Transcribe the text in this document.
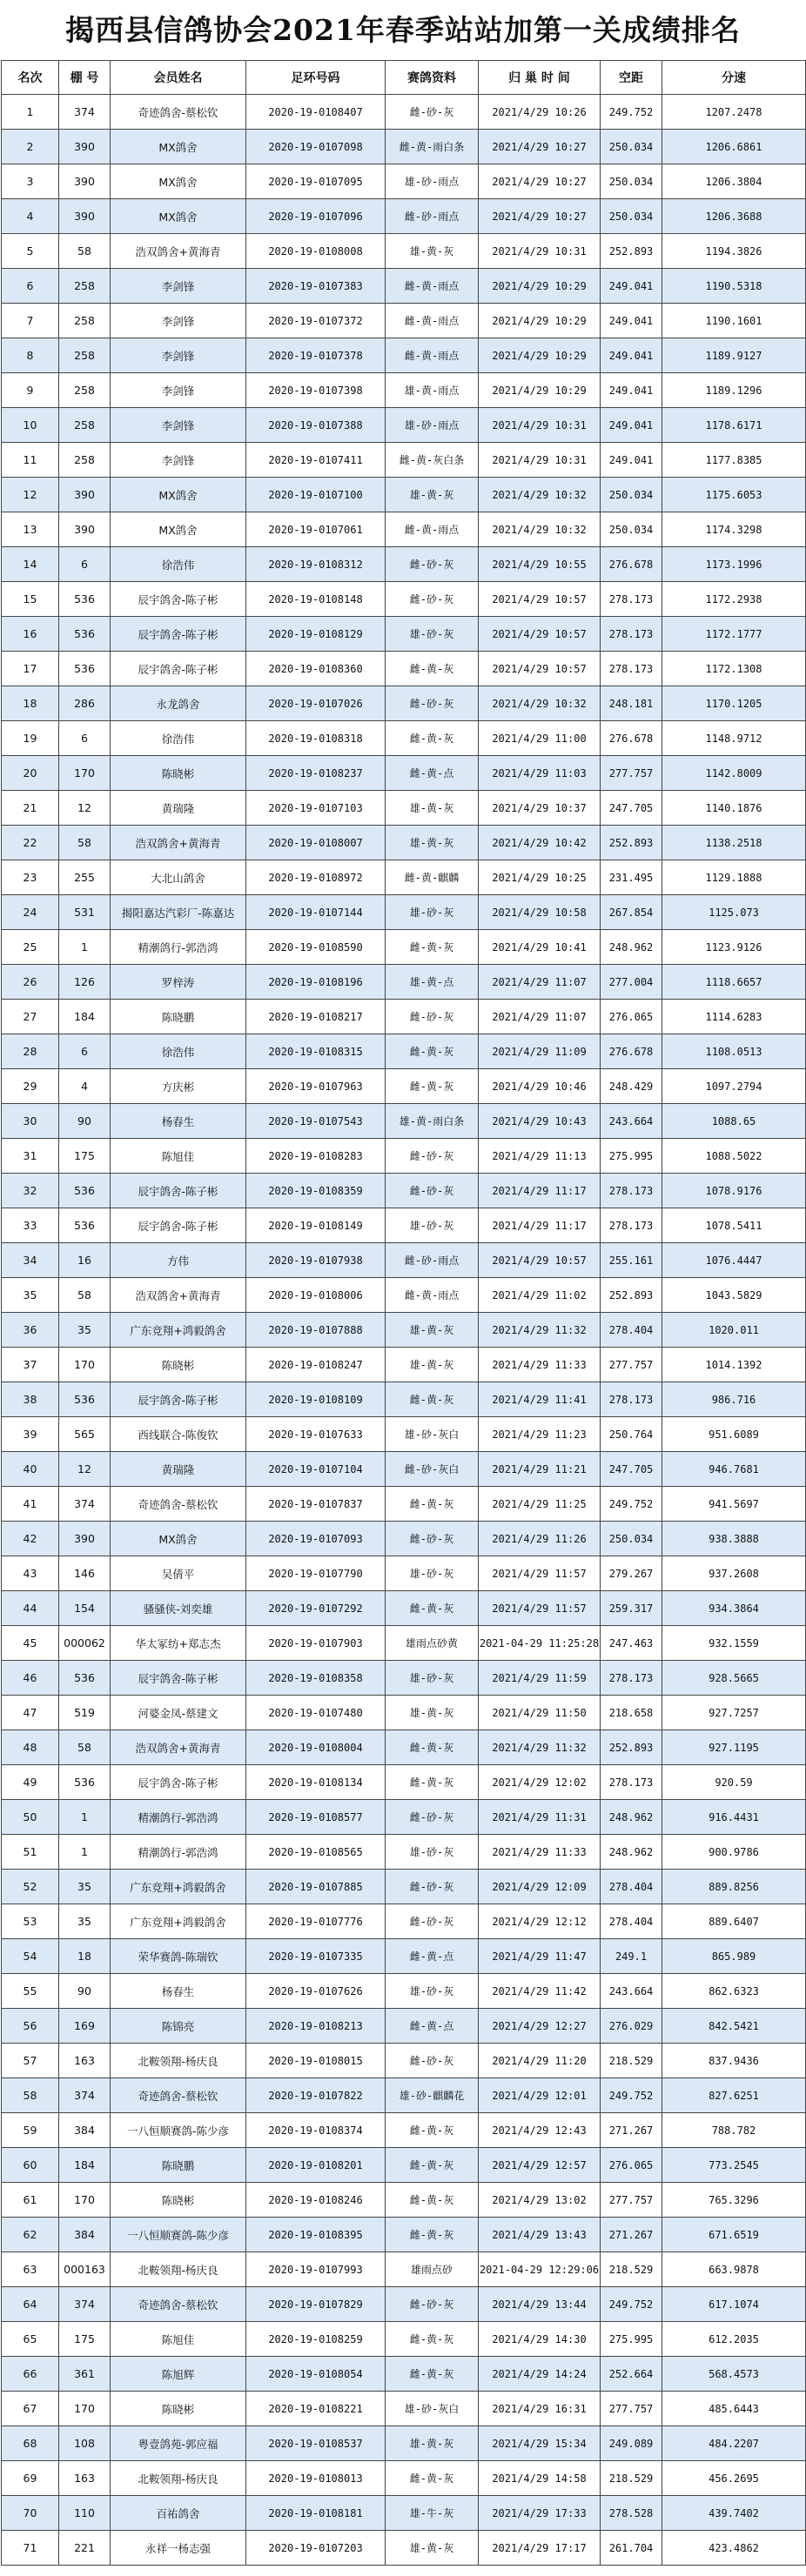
揭西县信鸽协会2021年春季站站加第一关成绩排名
名次	棚 号	会员姓名	足环号码	赛鸽资料	归 巢 时 间	空距	分速
1	374	奇迹鸽舍-蔡松钦	2020-19-0108407	雌-砂-灰	2021/4/29 10:26	249.752	1207.2478
2	390	MX鸽舍	2020-19-0107098	雌-黄-雨白条	2021/4/29 10:27	250.034	1206.6861
3	390	MX鸽舍	2020-19-0107095	雄-砂-雨点	2021/4/29 10:27	250.034	1206.3804
4	390	MX鸽舍	2020-19-0107096	雌-砂-雨点	2021/4/29 10:27	250.034	1206.3688
5	58	浩双鸽舍+黄海青	2020-19-0108008	雄-黄-灰	2021/4/29 10:31	252.893	1194.3826
6	258	李剑锋	2020-19-0107383	雌-黄-雨点	2021/4/29 10:29	249.041	1190.5318
7	258	李剑锋	2020-19-0107372	雌-黄-雨点	2021/4/29 10:29	249.041	1190.1601
8	258	李剑锋	2020-19-0107378	雌-黄-雨点	2021/4/29 10:29	249.041	1189.9127
9	258	李剑锋	2020-19-0107398	雄-黄-雨点	2021/4/29 10:29	249.041	1189.1296
10	258	李剑锋	2020-19-0107388	雄-砂-雨点	2021/4/29 10:31	249.041	1178.6171
11	258	李剑锋	2020-19-0107411	雌-黄-灰白条	2021/4/29 10:31	249.041	1177.8385
12	390	MX鸽舍	2020-19-0107100	雄-黄-灰	2021/4/29 10:32	250.034	1175.6053
13	390	MX鸽舍	2020-19-0107061	雌-黄-雨点	2021/4/29 10:32	250.034	1174.3298
14	6	徐浩伟	2020-19-0108312	雌-砂-灰	2021/4/29 10:55	276.678	1173.1996
15	536	辰宇鸽舍-陈子彬	2020-19-0108148	雌-砂-灰	2021/4/29 10:57	278.173	1172.2938
16	536	辰宇鸽舍-陈子彬	2020-19-0108129	雄-砂-灰	2021/4/29 10:57	278.173	1172.1777
17	536	辰宇鸽舍-陈子彬	2020-19-0108360	雌-黄-灰	2021/4/29 10:57	278.173	1172.1308
18	286	永龙鸽舍	2020-19-0107026	雌-砂-灰	2021/4/29 10:32	248.181	1170.1205
19	6	徐浩伟	2020-19-0108318	雌-黄-灰	2021/4/29 11:00	276.678	1148.9712
20	170	陈晓彬	2020-19-0108237	雌-黄-点	2021/4/29 11:03	277.757	1142.8009
21	12	黄瑞隆	2020-19-0107103	雄-黄-灰	2021/4/29 10:37	247.705	1140.1876
22	58	浩双鸽舍+黄海青	2020-19-0108007	雄-黄-灰	2021/4/29 10:42	252.893	1138.2518
23	255	大北山鸽舍	2020-19-0108972	雌-黄-麒麟	2021/4/29 10:25	231.495	1129.1888
24	531	揭阳嘉达汽彩厂-陈嘉达	2020-19-0107144	雄-砂-灰	2021/4/29 10:58	267.854	1125.073
25	1	精潮鸽行-郭浩鸿	2020-19-0108590	雌-黄-灰	2021/4/29 10:41	248.962	1123.9126
26	126	罗梓涛	2020-19-0108196	雄-黄-点	2021/4/29 11:07	277.004	1118.6657
27	184	陈晓鹏	2020-19-0108217	雌-砂-灰	2021/4/29 11:07	276.065	1114.6283
28	6	徐浩伟	2020-19-0108315	雌-黄-灰	2021/4/29 11:09	276.678	1108.0513
29	4	方庆彬	2020-19-0107963	雌-黄-灰	2021/4/29 10:46	248.429	1097.2794
30	90	杨春生	2020-19-0107543	雄-黄-雨白条	2021/4/29 10:43	243.664	1088.65
31	175	陈旭佳	2020-19-0108283	雌-砂-灰	2021/4/29 11:13	275.995	1088.5022
32	536	辰宇鸽舍-陈子彬	2020-19-0108359	雌-砂-灰	2021/4/29 11:17	278.173	1078.9176
33	536	辰宇鸽舍-陈子彬	2020-19-0108149	雄-砂-灰	2021/4/29 11:17	278.173	1078.5411
34	16	方伟	2020-19-0107938	雌-砂-雨点	2021/4/29 10:57	255.161	1076.4447
35	58	浩双鸽舍+黄海青	2020-19-0108006	雌-黄-雨点	2021/4/29 11:02	252.893	1043.5829
36	35	广东竞翔+鸿毅鸽舍	2020-19-0107888	雄-黄-灰	2021/4/29 11:32	278.404	1020.011
37	170	陈晓彬	2020-19-0108247	雄-黄-灰	2021/4/29 11:33	277.757	1014.1392
38	536	辰宇鸽舍-陈子彬	2020-19-0108109	雌-黄-灰	2021/4/29 11:41	278.173	986.716
39	565	西线联合-陈俊钦	2020-19-0107633	雄-砂-灰白	2021/4/29 11:23	250.764	951.6089
40	12	黄瑞隆	2020-19-0107104	雌-砂-灰白	2021/4/29 11:21	247.705	946.7681
41	374	奇迹鸽舍-蔡松钦	2020-19-0107837	雌-黄-灰	2021/4/29 11:25	249.752	941.5697
42	390	MX鸽舍	2020-19-0107093	雌-砂-灰	2021/4/29 11:26	250.034	938.3888
43	146	吴倩平	2020-19-0107790	雄-砂-灰	2021/4/29 11:57	279.267	937.2608
44	154	骚骚侠-刘奕雄	2020-19-0107292	雌-黄-灰	2021/4/29 11:57	259.317	934.3864
45	000062	华太冢纺+郑志杰	2020-19-0107903	雄雨点砂黄	2021-04-29 11:25:28	247.463	932.1559
46	536	辰宇鸽舍-陈子彬	2020-19-0108358	雄-砂-灰	2021/4/29 11:59	278.173	928.5665
47	519	河婆金凤-蔡建文	2020-19-0107480	雄-黄-灰	2021/4/29 11:50	218.658	927.7257
48	58	浩双鸽舍+黄海青	2020-19-0108004	雌-黄-灰	2021/4/29 11:32	252.893	927.1195
49	536	辰宇鸽舍-陈子彬	2020-19-0108134	雌-黄-灰	2021/4/29 12:02	278.173	920.59
50	1	精潮鸽行-郭浩鸿	2020-19-0108577	雌-砂-灰	2021/4/29 11:31	248.962	916.4431
51	1	精潮鸽行-郭浩鸿	2020-19-0108565	雄-砂-灰	2021/4/29 11:33	248.962	900.9786
52	35	广东竞翔+鸿毅鸽舍	2020-19-0107885	雌-砂-灰	2021/4/29 12:09	278.404	889.8256
53	35	广东竞翔+鸿毅鸽舍	2020-19-0107776	雌-砂-灰	2021/4/29 12:12	278.404	889.6407
54	18	荣华赛鸽-陈瑞钦	2020-19-0107335	雌-黄-点	2021/4/29 11:47	249.1	865.989
55	90	杨春生	2020-19-0107626	雄-砂-灰	2021/4/29 11:42	243.664	862.6323
56	169	陈锦亮	2020-19-0108213	雌-黄-点	2021/4/29 12:27	276.029	842.5421
57	163	北鞍领翔-杨庆良	2020-19-0108015	雌-砂-灰	2021/4/29 11:20	218.529	837.9436
58	374	奇迹鸽舍-蔡松钦	2020-19-0107822	雄-砂-麒麟花	2021/4/29 12:01	249.752	827.6251
59	384	一八恒顺赛鸽-陈少彦	2020-19-0108374	雌-黄-灰	2021/4/29 12:43	271.267	788.782
60	184	陈晓鹏	2020-19-0108201	雌-黄-灰	2021/4/29 12:57	276.065	773.2545
61	170	陈晓彬	2020-19-0108246	雌-黄-灰	2021/4/29 13:02	277.757	765.3296
62	384	一八恒顺赛鸽-陈少彦	2020-19-0108395	雌-黄-灰	2021/4/29 13:43	271.267	671.6519
63	000163	北鞍领翔-杨庆良	2020-19-0107993	雄雨点砂	2021-04-29 12:29:06	218.529	663.9878
64	374	奇迹鸽舍-蔡松钦	2020-19-0107829	雌-砂-灰	2021/4/29 13:44	249.752	617.1074
65	175	陈旭佳	2020-19-0108259	雌-黄-灰	2021/4/29 14:30	275.995	612.2035
66	361	陈旭辉	2020-19-0108054	雌-黄-灰	2021/4/29 14:24	252.664	568.4573
67	170	陈晓彬	2020-19-0108221	雄-砂-灰白	2021/4/29 16:31	277.757	485.6443
68	108	粤壹鸽苑-郭应福	2020-19-0108537	雄-黄-灰	2021/4/29 15:34	249.089	484.2207
69	163	北鞍领翔-杨庆良	2020-19-0108013	雌-黄-灰	2021/4/29 14:58	218.529	456.2695
70	110	百祐鸽舍	2020-19-0108181	雄-牛-灰	2021/4/29 17:33	278.528	439.7402
71	221	永祥一杨志强	2020-19-0107203	雄-黄-灰	2021/4/29 17:17	261.704	423.4862
